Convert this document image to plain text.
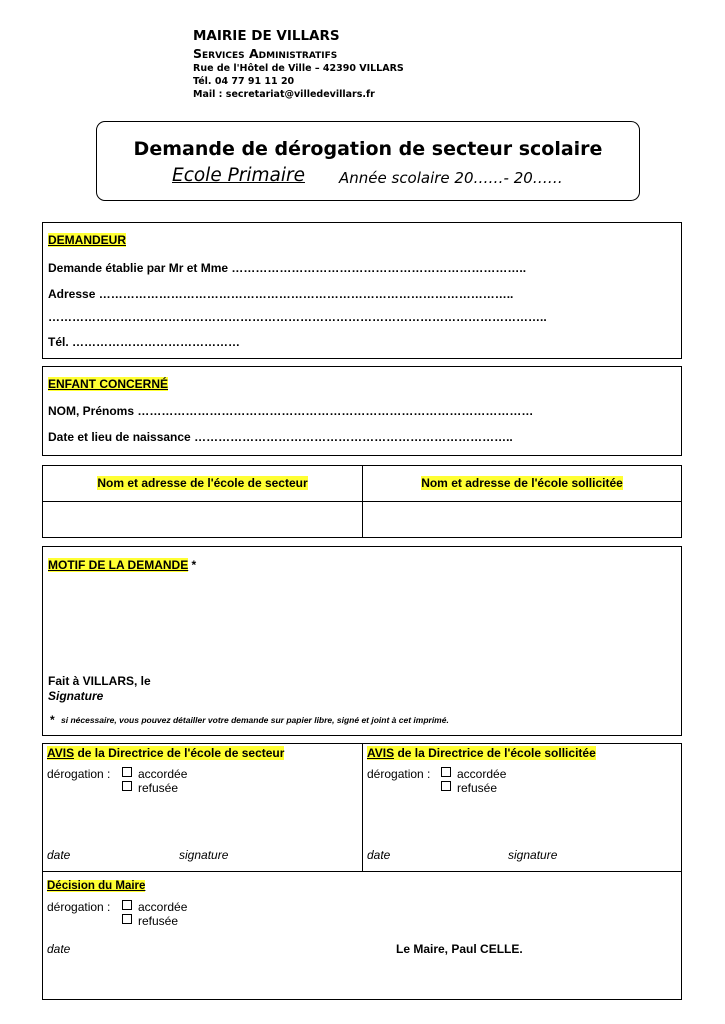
MAIRIE DE VILLARS
Services Administratifs
Rue de l'Hôtel de Ville – 42390 VILLARS
Tél. 04 77 91 11 20
Mail : secretariat@villedevillars.fr
Demande de dérogation de secteur scolaire
Ecole Primaire Année scolaire 20……- 20……
DEMANDEUR
Demande établie par Mr et Mme ………………………………………………………………..
Adresse …………………………………………………………………………………………..
……………………………………………………………………………………………………………..
Tél. ……………………………………
ENFANT CONCERNÉ
NOM, Prénoms ………………………………………………………………………………………
Date et lieu de naissance ……………………………………………………………………..
Nom et adresse de l'école de secteur	Nom et adresse de l'école sollicitée
MOTIF DE LA DEMANDE *
Fait à VILLARS, le
Signature
* si nécessaire, vous pouvez détailler votre demande sur papier libre, signé et joint à cet imprimé.
AVIS de la Directrice de l'école de secteur
dérogation :	accordée
refusée
date	signature
AVIS de la Directrice de l'école sollicitée
dérogation :	accordée
refusée
date	signature
Décision du Maire
dérogation :	accordée
refusée
date	Le Maire, Paul CELLE.
